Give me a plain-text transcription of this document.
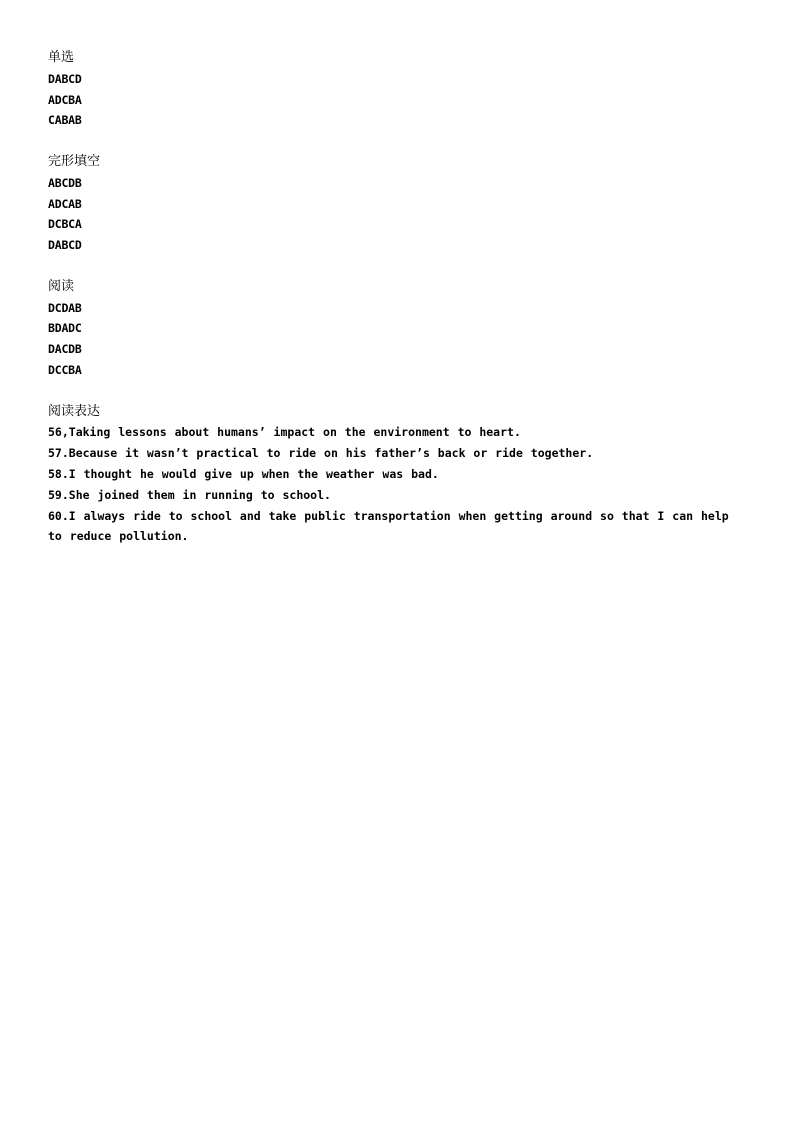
单选

DABCD

ADCBA

CABAB

完形填空

ABCDB

ADCAB

DCBCA

DABCD

阅读

DCDAB

BDADC

DACDB

DCCBA

阅读表达

56,Taking lessons about humans’ impact on the environment to heart.

57.Because it wasn’t practical to ride on his father’s back or ride together.

58.I thought he would give up when the weather was bad.

59.She joined them in running to school.

60.I always ride to school and take public transportation when getting around so that I can help to reduce pollution.
